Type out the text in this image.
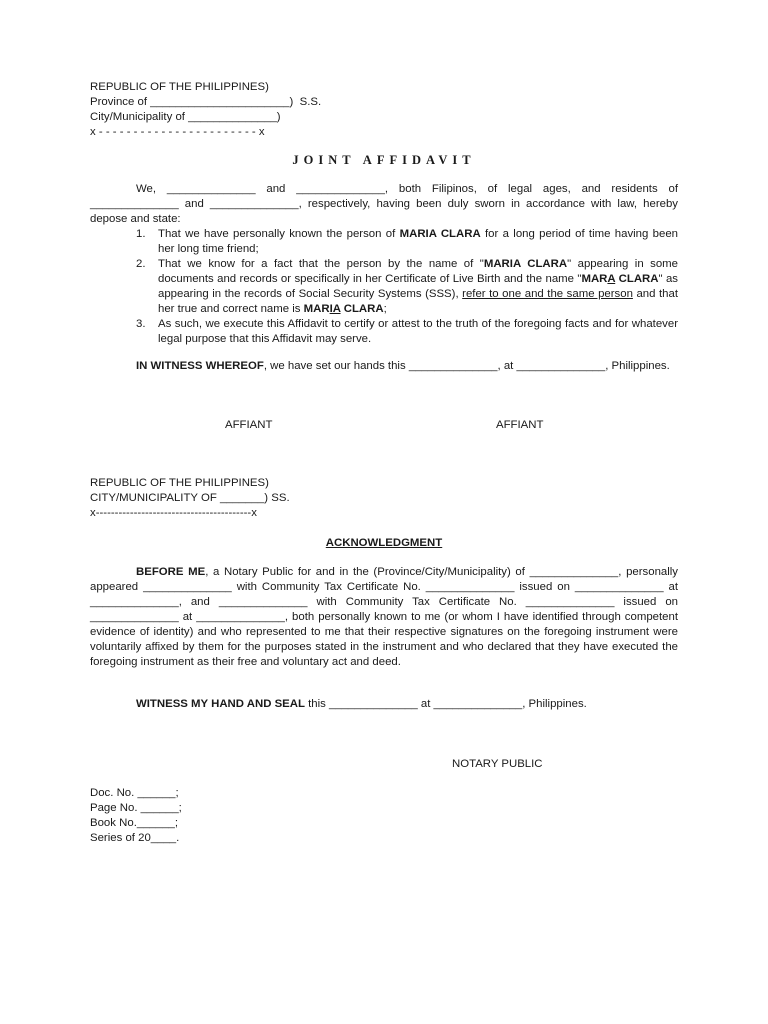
REPUBLIC OF THE PHILIPPINES)

Province of ______________________)  S.S.

City/Municipality of ______________)

x - - - - - - - - - - - - - - - - - - - - - - - x

JOINT AFFIDAVIT

We, ______________ and ______________, both Filipinos, of legal ages, and residents of ______________ and ______________, respectively, having been duly sworn in accordance with law, hereby depose and state:

1. That we have personally known the person of MARIA CLARA for a long period of time having been her long time friend;
2. That we know for a fact that the person by the name of "MARIA CLARA" appearing in some documents and records or specifically in her Certificate of Live Birth and the name "MARA CLARA" as appearing in the records of Social Security Systems (SSS), refer to one and the same person and that her true and correct name is MARIA CLARA;
3. As such, we execute this Affidavit to certify or attest to the truth of the foregoing facts and for whatever legal purpose that this Affidavit may serve.

IN WITNESS WHEREOF, we have set our hands this ______________, at ______________, Philippines.

AFFIANT	AFFIANT

REPUBLIC OF THE PHILIPPINES)

CITY/MUNICIPALITY OF _______) SS.

x-----------------------------------------x

ACKNOWLEDGMENT

BEFORE ME, a Notary Public for and in the (Province/City/Municipality) of ______________, personally appeared ______________ with Community Tax Certificate No. ______________ issued on ______________ at ______________, and ______________ with Community Tax Certificate No. ______________ issued on ______________ at ______________, both personally known to me (or whom I have identified through competent evidence of identity) and who represented to me that their respective signatures on the foregoing instrument were voluntarily affixed by them for the purposes stated in the instrument and who declared that they have executed the foregoing instrument as their free and voluntary act and deed.

WITNESS MY HAND AND SEAL this ______________ at ______________, Philippines.

NOTARY PUBLIC

Doc. No. ______;

Page No. ______;

Book No.______;

Series of 20____.
